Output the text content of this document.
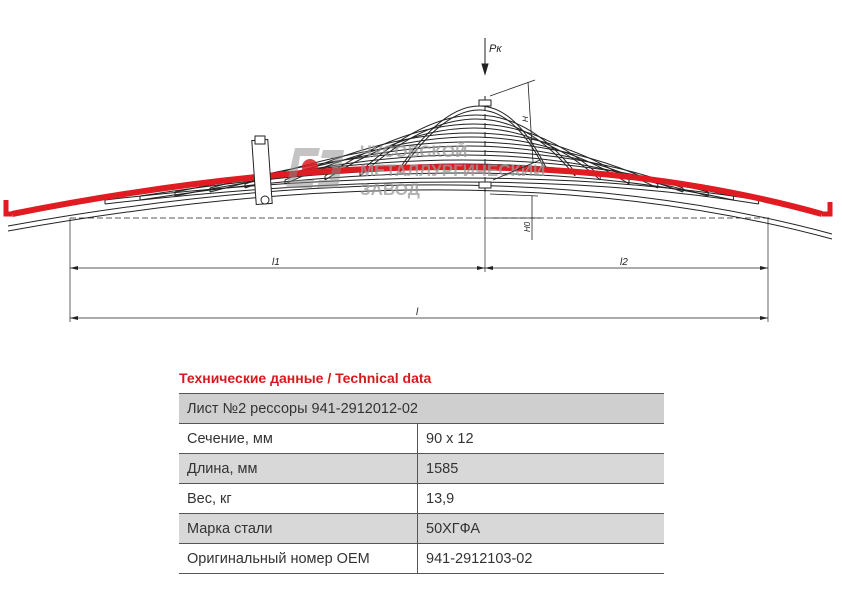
ЧУСОВСКОЙ
МЕТАЛЛУРГИЧЕСКИЙ
ЗАВОД
Pк
H
H0
l1	l2
l
Технические данные / Technical data
Лист №2 рессоры 941-2912012-02	
Сечение, мм	90 х 12
Длина, мм	1585
Вес, кг	13,9
Марка стали	50ХГФА
Оригинальный номер OEM	941-2912103-02
